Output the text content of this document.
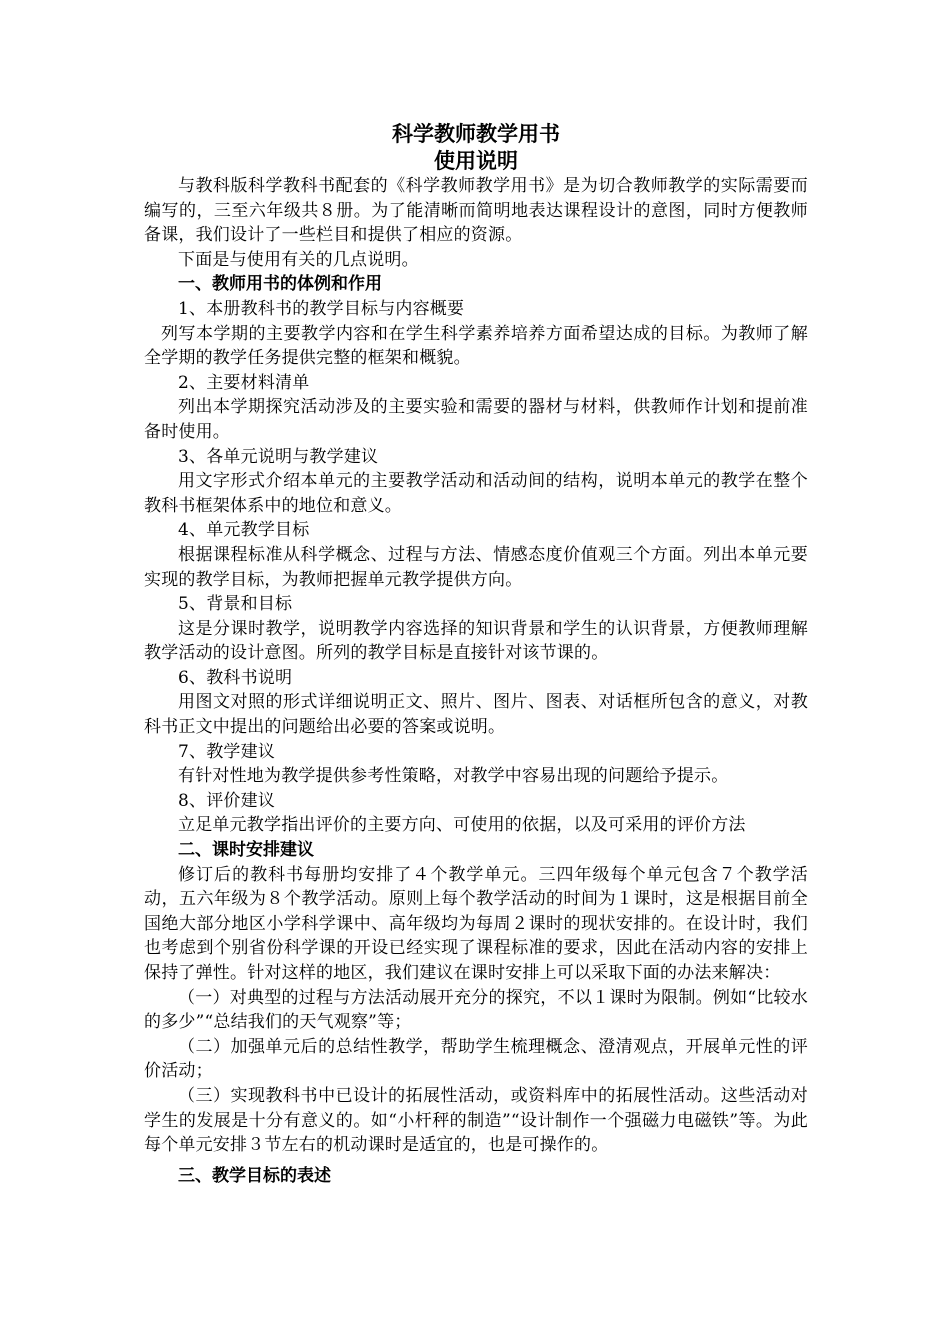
科学教师教学用书

使用说明

与教科版科学教科书配套的《科学教师教学用书》是为切合教师教学的实际需要而编写的，三至六年级共８册。为了能清晰而简明地表达课程设计的意图，同时方便教师备课，我们设计了一些栏目和提供了相应的资源。

下面是与使用有关的几点说明。

一、教师用书的体例和作用

1、本册教科书的教学目标与内容概要

列写本学期的主要教学内容和在学生科学素养培养方面希望达成的目标。为教师了解全学期的教学任务提供完整的框架和概貌。

2、主要材料清单

列出本学期探究活动涉及的主要实验和需要的器材与材料，供教师作计划和提前准备时使用。

3、各单元说明与教学建议

用文字形式介绍本单元的主要教学活动和活动间的结构，说明本单元的教学在整个教科书框架体系中的地位和意义。

4、单元教学目标

根据课程标准从科学概念、过程与方法、情感态度价值观三个方面。列出本单元要实现的教学目标，为教师把握单元教学提供方向。

5、背景和目标

这是分课时教学，说明教学内容选择的知识背景和学生的认识背景，方便教师理解教学活动的设计意图。所列的教学目标是直接针对该节课的。

6、教科书说明

用图文对照的形式详细说明正文、照片、图片、图表、对话框所包含的意义，对教科书正文中提出的问题给出必要的答案或说明。

7、教学建议

有针对性地为教学提供参考性策略，对教学中容易出现的问题给予提示。

8、评价建议

立足单元教学指出评价的主要方向、可使用的依据，以及可采用的评价方法

二、课时安排建议

修订后的教科书每册均安排了４个教学单元。三四年级每个单元包含７个教学活动，五六年级为８个教学活动。原则上每个教学活动的时间为１课时，这是根据目前全国绝大部分地区小学科学课中、高年级均为每周２课时的现状安排的。在设计时，我们也考虑到个别省份科学课的开设已经实现了课程标准的要求，因此在活动内容的安排上保持了弹性。针对这样的地区，我们建议在课时安排上可以采取下面的办法来解决：

（一）对典型的过程与方法活动展开充分的探究，不以１课时为限制。例如“比较水的多少”“总结我们的天气观察”等；

（二）加强单元后的总结性教学，帮助学生梳理概念、澄清观点，开展单元性的评价活动；

（三）实现教科书中已设计的拓展性活动，或资料库中的拓展性活动。这些活动对学生的发展是十分有意义的。如“小杆秤的制造”“设计制作一个强磁力电磁铁”等。为此每个单元安排３节左右的机动课时是适宜的，也是可操作的。

三、教学目标的表述
